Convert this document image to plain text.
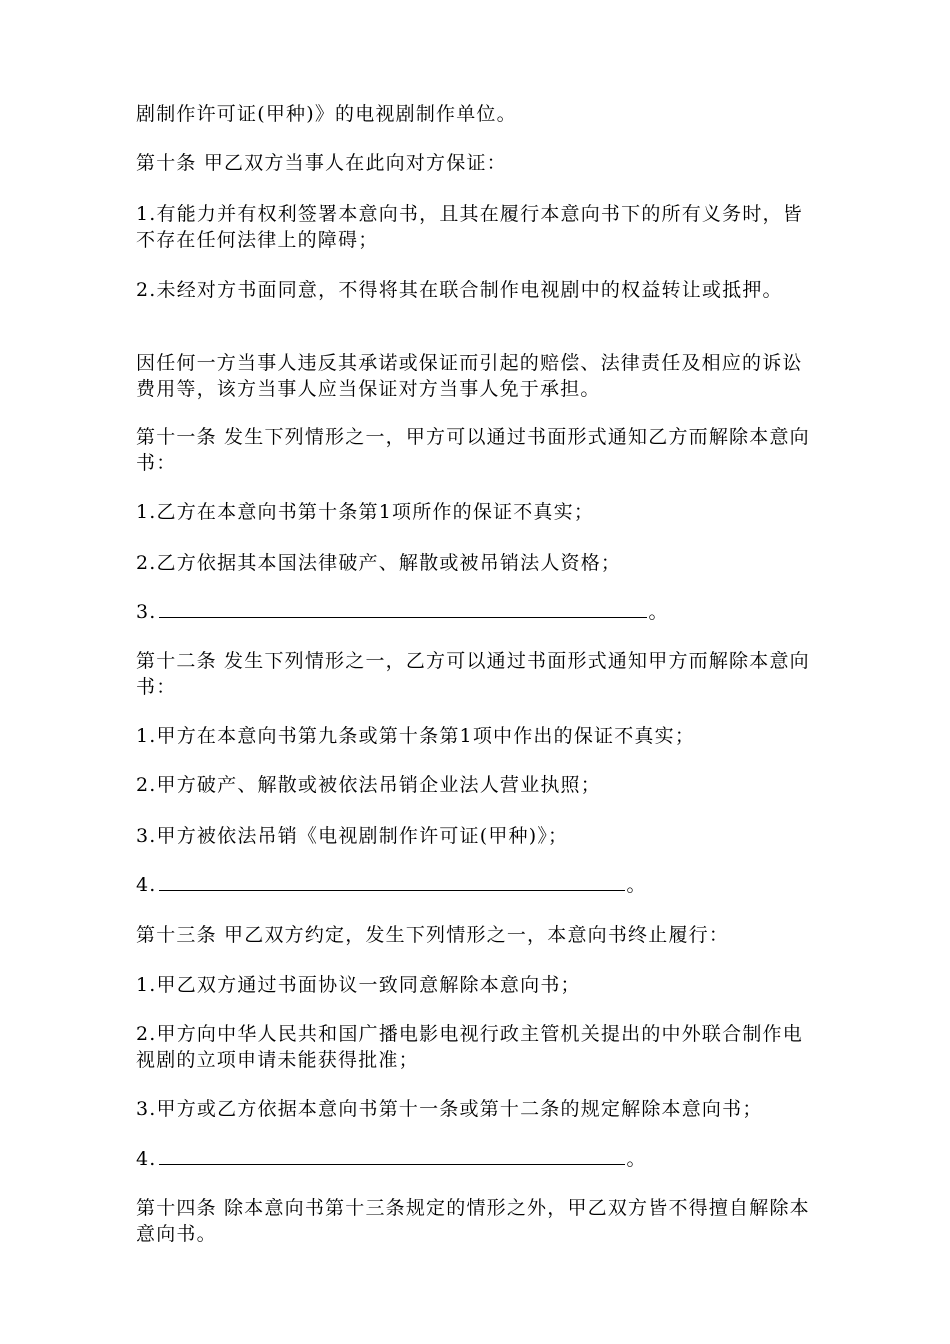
剧制作许可证(甲种)》的电视剧制作单位。

第十条 甲乙双方当事人在此向对方保证：

1.有能力并有权利签署本意向书，且其在履行本意向书下的所有义务时，皆不存在任何法律上的障碍；

2.未经对方书面同意，不得将其在联合制作电视剧中的权益转让或抵押。

因任何一方当事人违反其承诺或保证而引起的赔偿、法律责任及相应的诉讼费用等，该方当事人应当保证对方当事人免于承担。

第十一条 发生下列情形之一，甲方可以通过书面形式通知乙方而解除本意向书：

1.乙方在本意向书第十条第1项所作的保证不真实；

2.乙方依据其本国法律破产、解散或被吊销法人资格；

3.	。

第十二条 发生下列情形之一，乙方可以通过书面形式通知甲方而解除本意向书：

1.甲方在本意向书第九条或第十条第1项中作出的保证不真实；

2.甲方破产、解散或被依法吊销企业法人营业执照；

3.甲方被依法吊销《电视剧制作许可证(甲种)》；

4.	。

第十三条 甲乙双方约定，发生下列情形之一，本意向书终止履行：

1.甲乙双方通过书面协议一致同意解除本意向书；

2.甲方向中华人民共和国广播电影电视行政主管机关提出的中外联合制作电视剧的立项申请未能获得批准；

3.甲方或乙方依据本意向书第十一条或第十二条的规定解除本意向书；

4.	。

第十四条 除本意向书第十三条规定的情形之外，甲乙双方皆不得擅自解除本意向书。
